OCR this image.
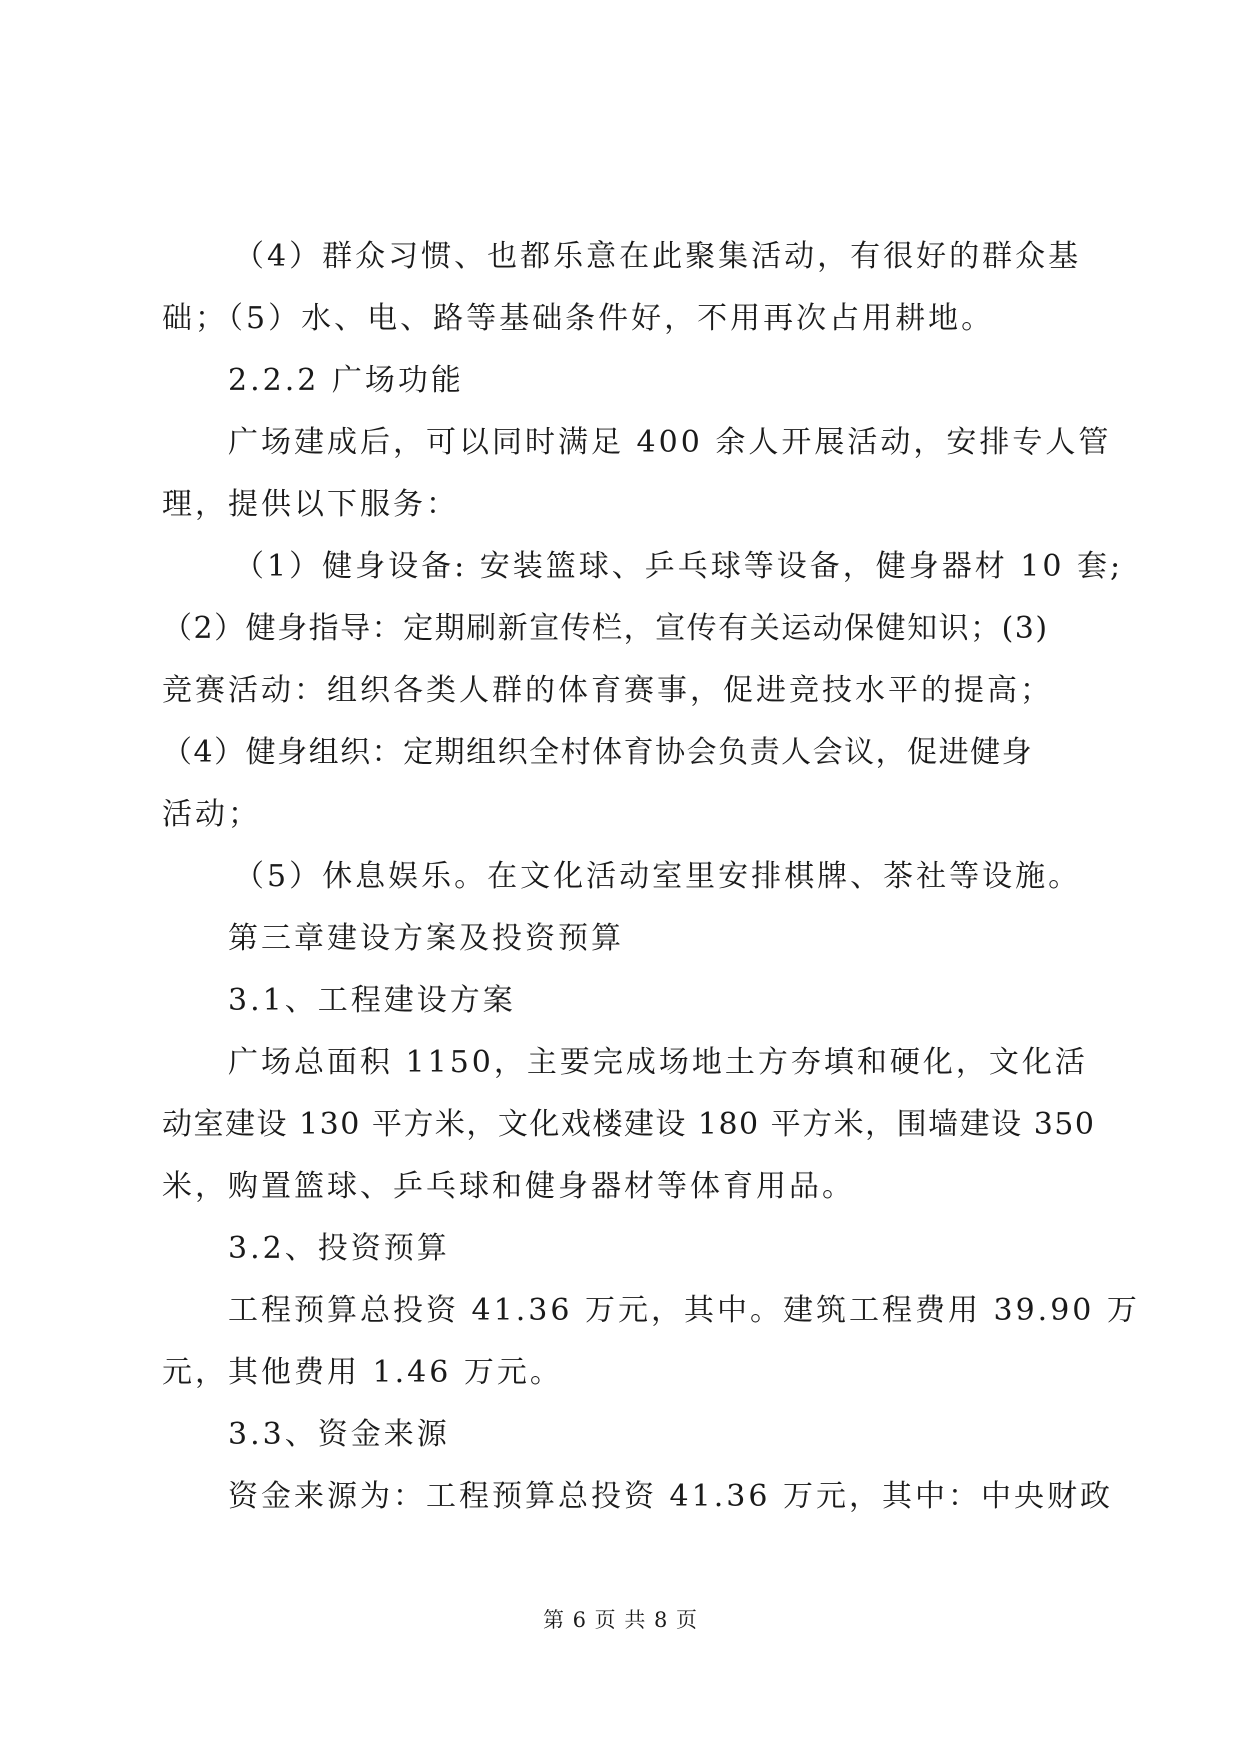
（4）群众习惯、也都乐意在此聚集活动，有很好的群众基
础；（5）水、电、路等基础条件好，不用再次占用耕地。
2.2.2 广场功能
广场建成后，可以同时满足 400 余人开展活动，安排专人管
理，提供以下服务：
（1）健身设备: 安装篮球、乒乓球等设备，健身器材 10 套;
（2）健身指导：定期刷新宣传栏，宣传有关运动保健知识；(3)
竞赛活动：组织各类人群的体育赛事，促进竞技水平的提高；
（4）健身组织：定期组织全村体育协会负责人会议，促进健身
活动；
（5）休息娱乐。在文化活动室里安排棋牌、茶社等设施。
第三章建设方案及投资预算
3.1、工程建设方案
广场总面积 1150，主要完成场地土方夯填和硬化，文化活
动室建设 130 平方米，文化戏楼建设 180 平方米，围墙建设 350
米，购置篮球、乒乓球和健身器材等体育用品。
3.2、投资预算
工程预算总投资 41.36 万元，其中。建筑工程费用 39.90 万
元，其他费用 1.46 万元。
3.3、资金来源
资金来源为：工程预算总投资 41.36 万元，其中：中央财政
第 6 页 共 8 页
